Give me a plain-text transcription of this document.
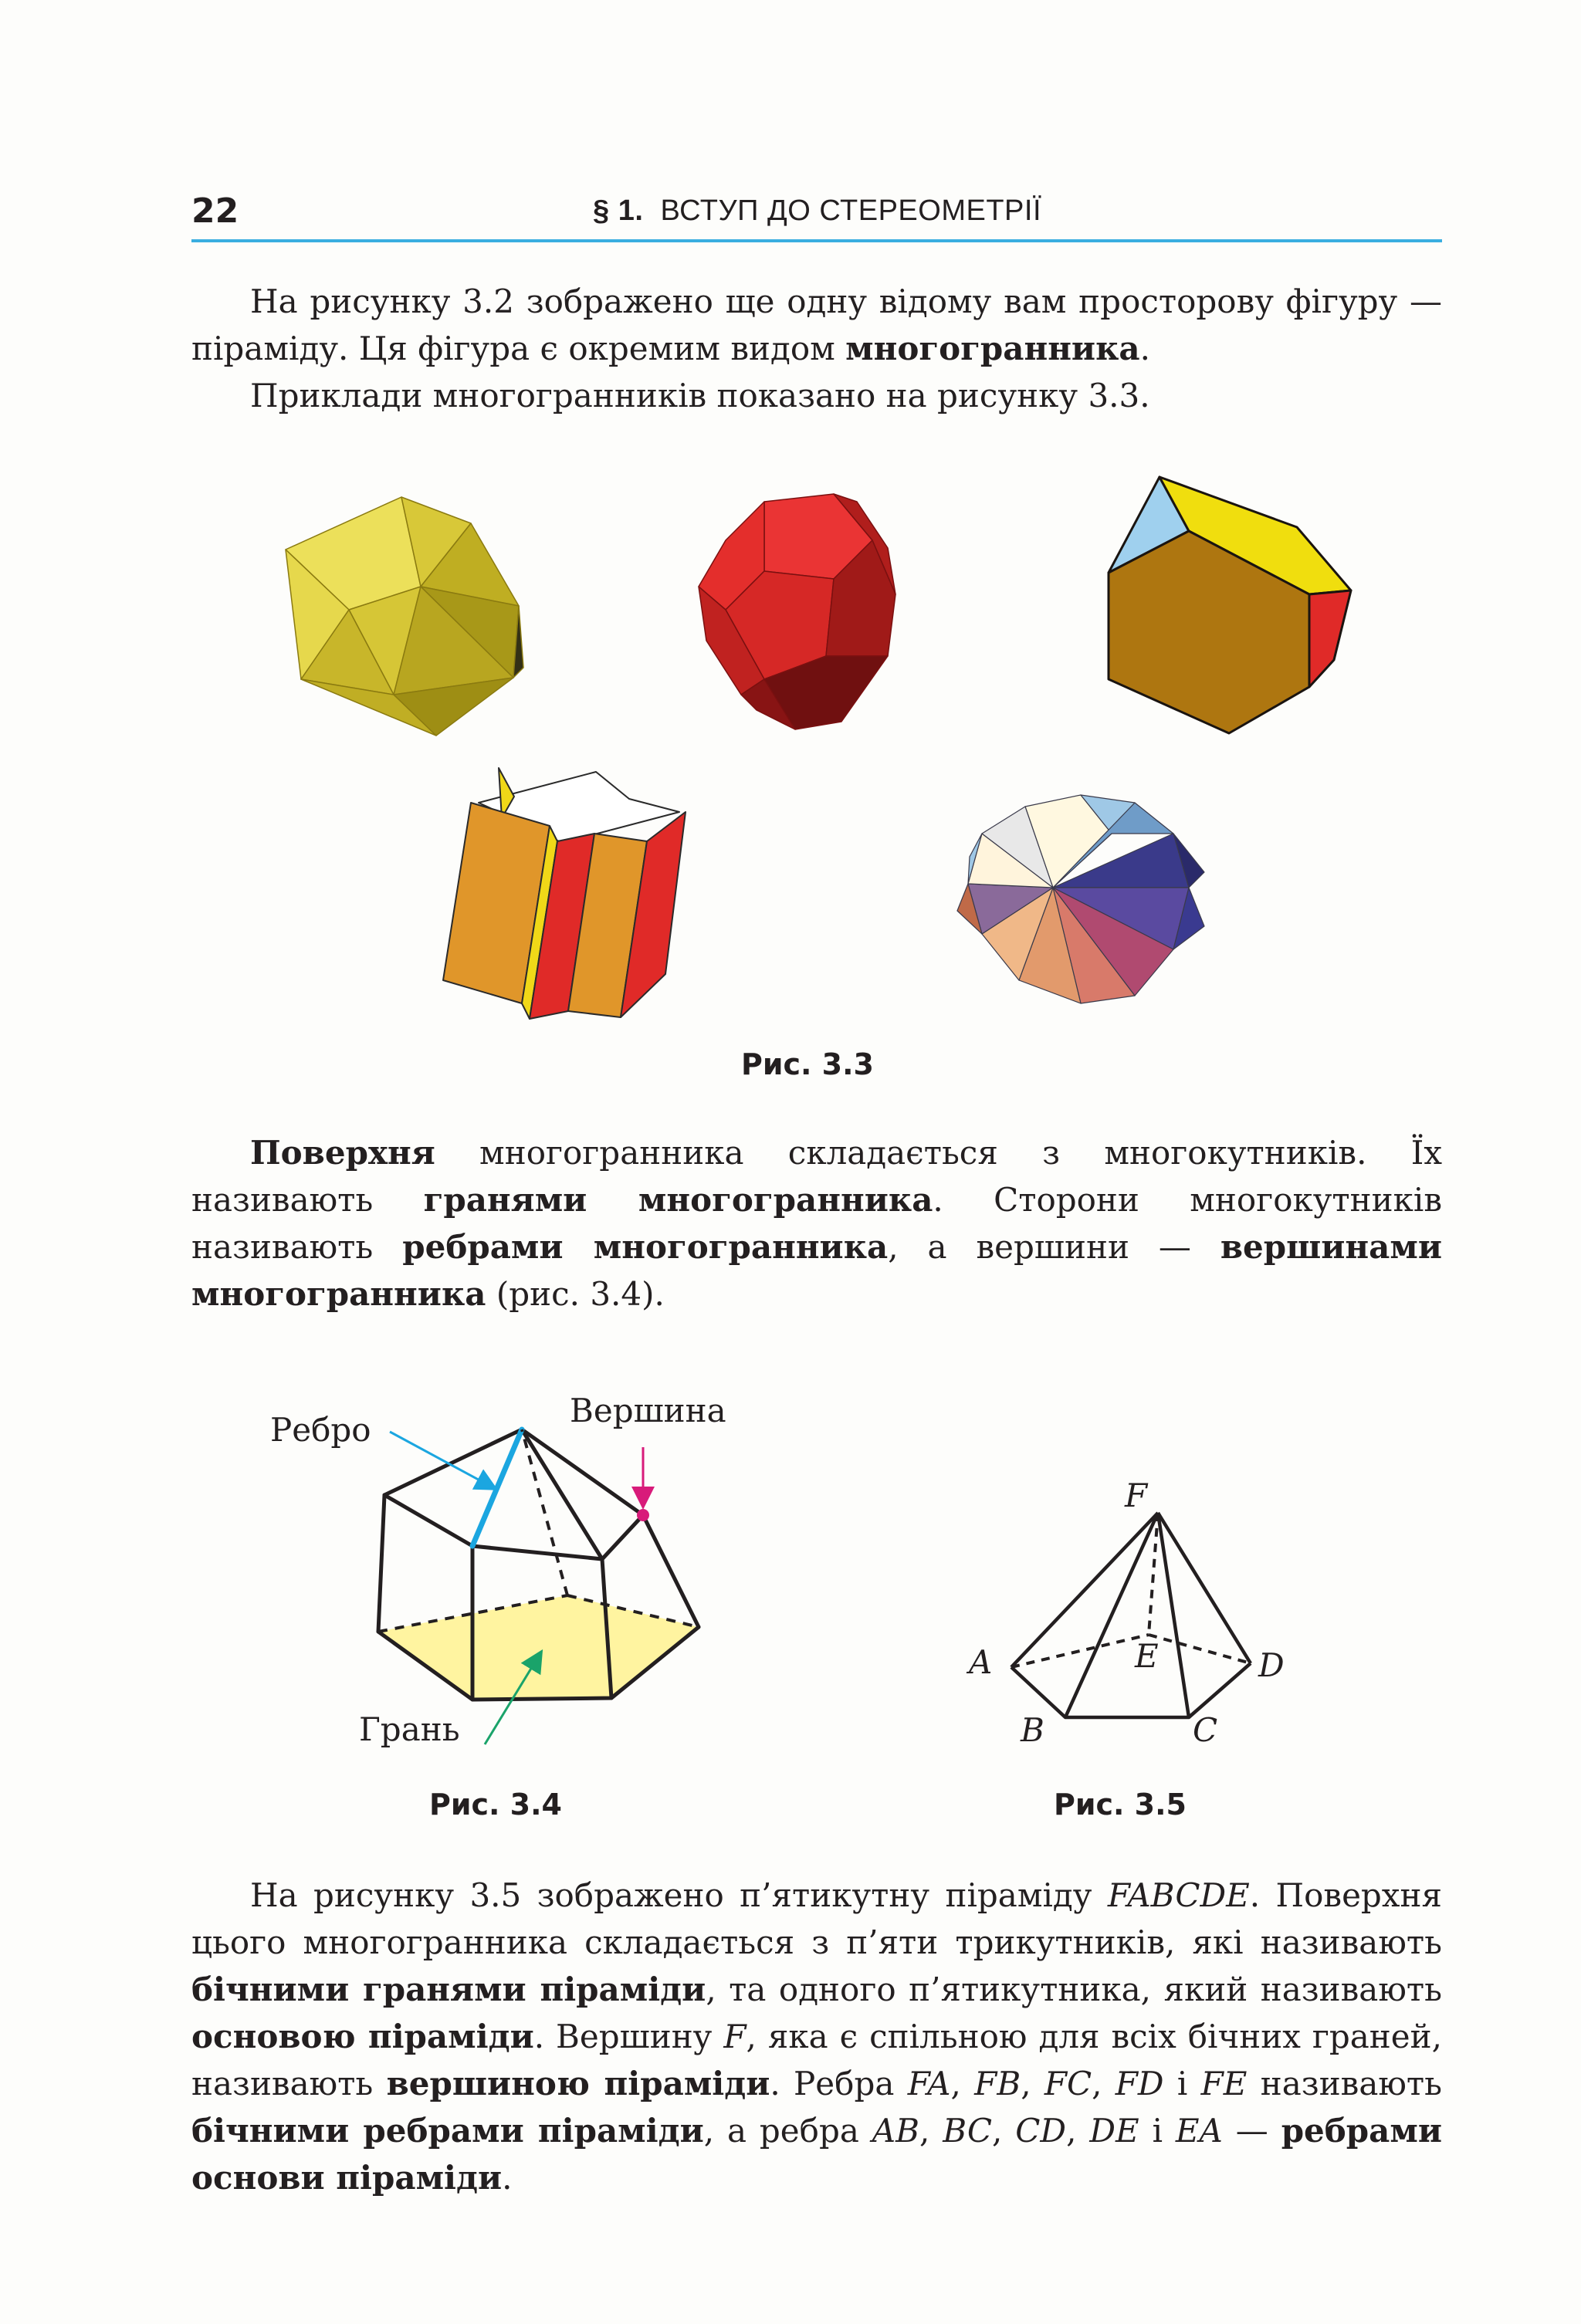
22	§ 1. ВСТУП ДО СТЕРЕОМЕТРІЇ

На рисунку 3.2 зображено ще одну відому вам просторову фігуру — піраміду. Ця фігура є окремим видом многогранника.

Приклади многогранників показано на рисунку 3.3.

Рис. 3.3

Поверхня многогранника складається з многокутників. Їх називають гранями многогранника. Сторони многокутників називають ребрами многогранника, а вершини — вершинами многогранника (рис. 3.4).

Ребро
Вершина
Грань
Рис. 3.4
F
A	E	D
B	C
Рис. 3.5

На рисунку 3.5 зображено п’ятикутну піраміду FABCDE. Поверхня цього многогранника складається з п’яти трикутників, які називають бічними гранями піраміди, та одного п’ятикутника, який називають основою піраміди. Вершину F, яка є спільною для всіх бічних граней, називають вершиною піраміди. Ребра FA, FB, FC, FD і FE називають бічними ребрами піраміди, а ребра AB, BC, CD, DE і EA — ребрами основи піраміди.
